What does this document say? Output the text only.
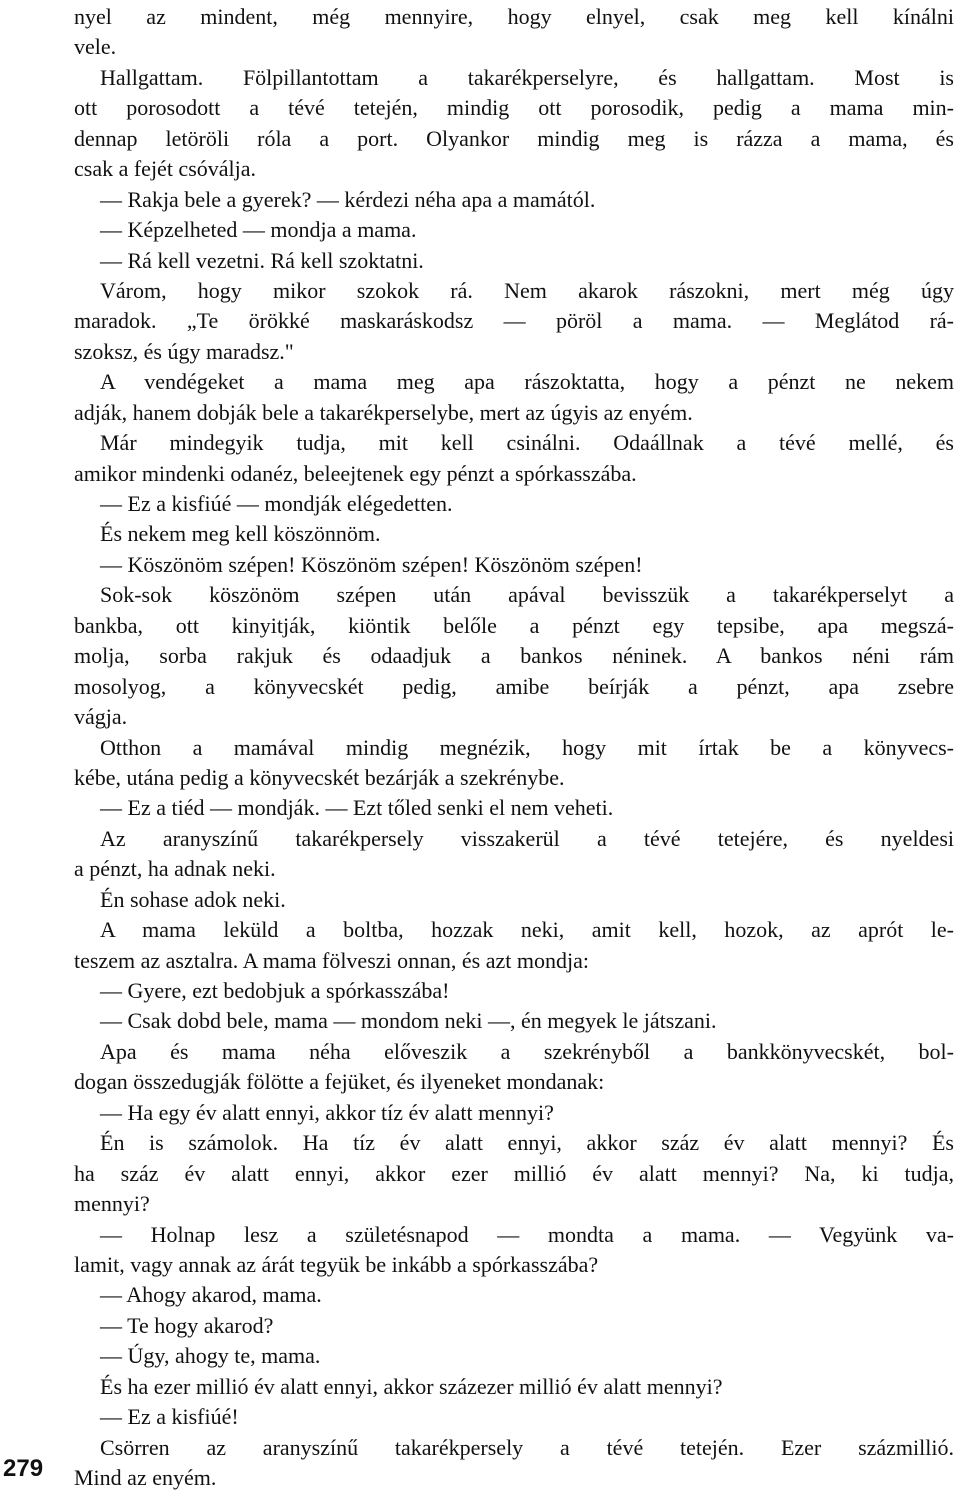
nyel az mindent, még mennyire, hogy elnyel, csak meg kell kínálni
vele.
Hallgattam. Fölpillantottam a takarékperselyre, és hallgattam. Most is
ott porosodott a tévé tetején, mindig ott porosodik, pedig a mama min-
dennap letöröli róla a port. Olyankor mindig meg is rázza a mama, és
csak a fejét csóválja.
— Rakja bele a gyerek? — kérdezi néha apa a mamától.
— Képzelheted — mondja a mama.
— Rá kell vezetni. Rá kell szoktatni.
Várom, hogy mikor szokok rá. Nem akarok rászokni, mert még úgy
maradok. „Te örökké maskaráskodsz — pöröl a mama. — Meglátod rá-
szoksz, és úgy maradsz."
A vendégeket a mama meg apa rászoktatta, hogy a pénzt ne nekem
adják, hanem dobják bele a takarékperselybe, mert az úgyis az enyém.
Már mindegyik tudja, mit kell csinálni. Odaállnak a tévé mellé, és
amikor mindenki odanéz, beleejtenek egy pénzt a spórkasszába.
— Ez a kisfiúé — mondják elégedetten.
És nekem meg kell köszönnöm.
— Köszönöm szépen! Köszönöm szépen! Köszönöm szépen!
Sok-sok köszönöm szépen után apával bevisszük a takarékperselyt a
bankba, ott kinyitják, kiöntik belőle a pénzt egy tepsibe, apa megszá-
molja, sorba rakjuk és odaadjuk a bankos néninek. A bankos néni rám
mosolyog, a könyvecskét pedig, amibe beírják a pénzt, apa zsebre
vágja.
Otthon a mamával mindig megnézik, hogy mit írtak be a könyvecs-
kébe, utána pedig a könyvecskét bezárják a szekrénybe.
— Ez a tiéd — mondják. — Ezt tőled senki el nem veheti.
Az aranyszínű takarékpersely visszakerül a tévé tetejére, és nyeldesi
a pénzt, ha adnak neki.
Én sohase adok neki.
A mama leküld a boltba, hozzak neki, amit kell, hozok, az aprót le-
teszem az asztalra. A mama fölveszi onnan, és azt mondja:
— Gyere, ezt bedobjuk a spórkasszába!
— Csak dobd bele, mama — mondom neki —, én megyek le játszani.
Apa és mama néha előveszik a szekrényből a bankkönyvecskét, bol-
dogan összedugják fölötte a fejüket, és ilyeneket mondanak:
— Ha egy év alatt ennyi, akkor tíz év alatt mennyi?
Én is számolok. Ha tíz év alatt ennyi, akkor száz év alatt mennyi? És
ha száz év alatt ennyi, akkor ezer millió év alatt mennyi? Na, ki tudja,
mennyi?
— Holnap lesz a születésnapod — mondta a mama. — Vegyünk va-
lamit, vagy annak az árát tegyük be inkább a spórkasszába?
— Ahogy akarod, mama.
— Te hogy akarod?
— Úgy, ahogy te, mama.
És ha ezer millió év alatt ennyi, akkor százezer millió év alatt mennyi?
— Ez a kisfiúé!
Csörren az aranyszínű takarékpersely a tévé tetején. Ezer százmillió.
Mind az enyém.
279
